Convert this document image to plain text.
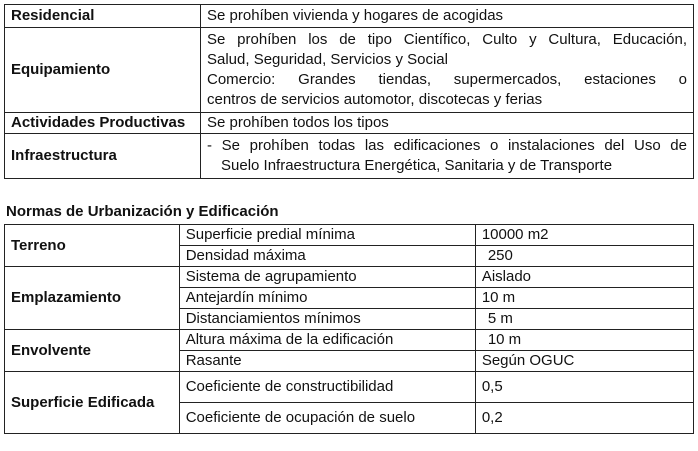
Residencial	Se prohíben vivienda y hogares de acogidas
Equipamiento	Se prohíben los de tipo Científico, Culto y Cultura, Educación,
Salud, Seguridad, Servicios y Social
Comercio: Grandes tiendas, supermercados, estaciones o
centros de servicios automotor, discotecas y ferias

Actividades Productivas	Se prohíben todos los tipos
Infraestructura	- Se prohíben todas las edificaciones o instalaciones del Uso de
Suelo Infraestructura Energética, Sanitaria y de Transporte
Normas de Urbanización y Edificación
Terreno	Superficie predial mínima	10000 m2
	Densidad máxima	250
Emplazamiento	Sistema de agrupamiento	Aislado
	Antejardín mínimo	10 m
	Distanciamientos mínimos	5 m
Envolvente	Altura máxima de la edificación	10 m
	Rasante	Según OGUC
Superficie Edificada	Coeficiente de constructibilidad	0,5
	Coeficiente de ocupación de suelo	0,2
